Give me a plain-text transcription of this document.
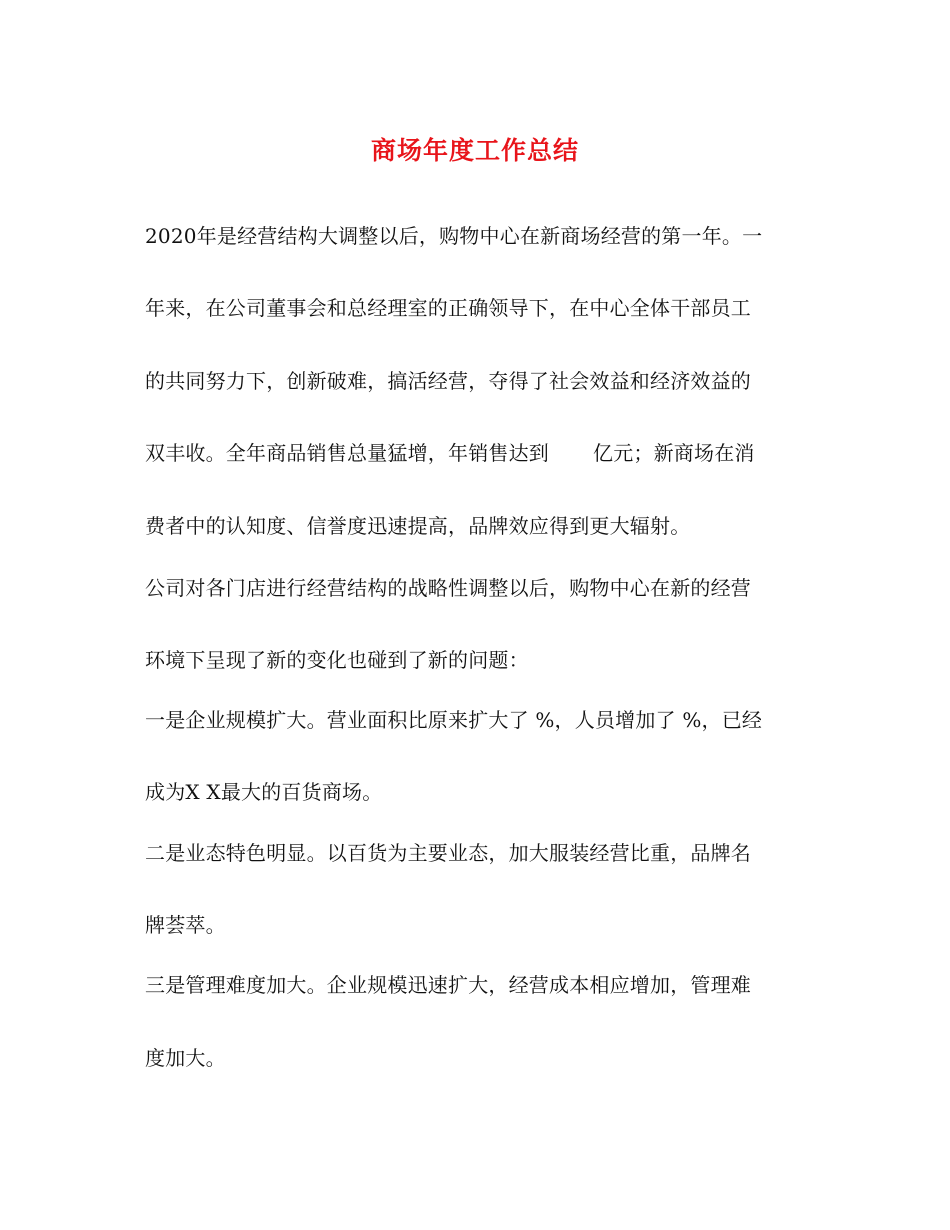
商场年度工作总结
2020年是经营结构大调整以后，购物中心在新商场经营的第一年。一
年来，在公司董事会和总经理室的正确领导下，在中心全体干部员工
的共同努力下，创新破难，搞活经营，夺得了社会效益和经济效益的
双丰收。全年商品销售总量猛增，年销售达到 亿元；新商场在消
费者中的认知度、信誉度迅速提高，品牌效应得到更大辐射。
公司对各门店进行经营结构的战略性调整以后，购物中心在新的经营
环境下呈现了新的变化也碰到了新的问题：
一是企业规模扩大。营业面积比原来扩大了 %，人员增加了 %，已经
成为X X最大的百货商场。
二是业态特色明显。以百货为主要业态，加大服装经营比重，品牌名
牌荟萃。
三是管理难度加大。企业规模迅速扩大，经营成本相应增加，管理难
度加大。
